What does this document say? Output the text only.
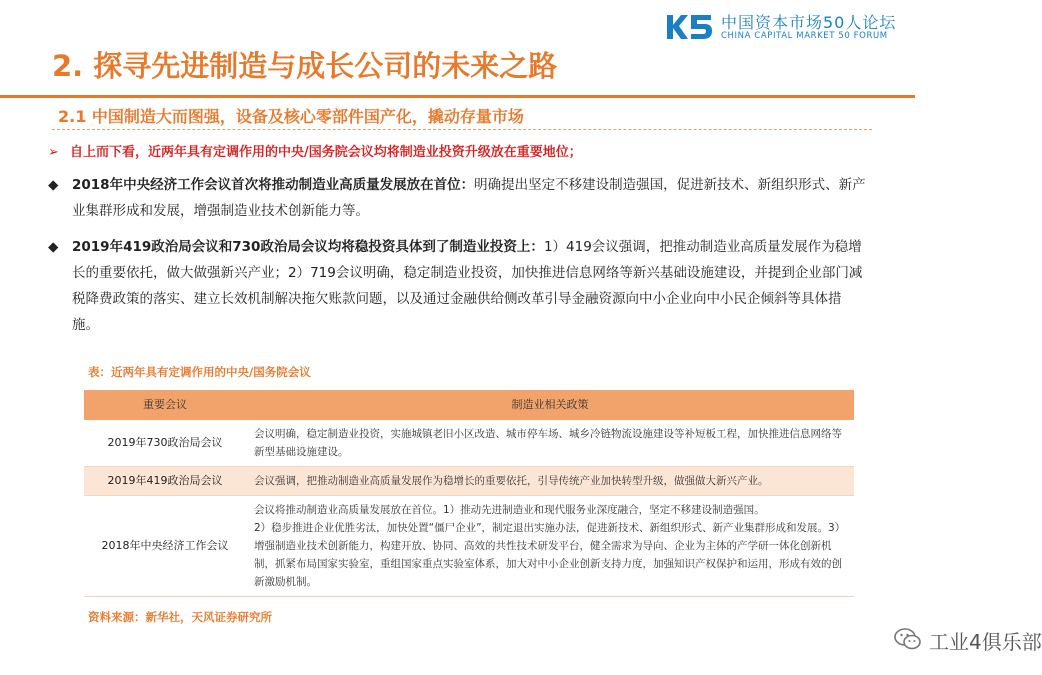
中国资本市场50人论坛
CHINA CAPITAL MARKET 50 FORUM
2. 探寻先进制造与成长公司的未来之路
2.1 中国制造大而图强，设备及核心零部件国产化，撬动存量市场
➢ 自上而下看，近两年具有定调作用的中央/国务院会议均将制造业投资升级放在重要地位；
◆	2018年中央经济工作会议首次将推动制造业高质量发展放在首位：明确提出坚定不移建设制造强国，促进新技术、新组织形式、新产业集群形成和发展，增强制造业技术创新能力等。
◆	2019年419政治局会议和730政治局会议均将稳投资具体到了制造业投资上：1）419会议强调，把推动制造业高质量发展作为稳增长的重要依托，做大做强新兴产业；2）719会议明确，稳定制造业投资，加快推进信息网络等新兴基础设施建设，并提到企业部门减税降费政策的落实、建立长效机制解决拖欠账款问题，以及通过金融供给侧改革引导金融资源向中小企业向中小民企倾斜等具体措施。
表：近两年具有定调作用的中央/国务院会议
重要会议	制造业相关政策
2019年730政治局会议	会议明确，稳定制造业投资，实施城镇老旧小区改造、城市停车场、城乡冷链物流设施建设等补短板工程，加快推进信息网络等新型基础设施建设。
2019年419政治局会议	会议强调，把推动制造业高质量发展作为稳增长的重要依托，引导传统产业加快转型升级，做强做大新兴产业。
2018年中央经济工作会议	会议将推动制造业高质量发展放在首位。1）推动先进制造业和现代服务业深度融合，坚定不移建设制造强国。
2）稳步推进企业优胜劣汰，加快处置“僵尸企业”，制定退出实施办法，促进新技术、新组织形式、新产业集群形成和发展。3）增强制造业技术创新能力，构建开放、协同、高效的共性技术研发平台，健全需求为导向、企业为主体的产学研一体化创新机制，抓紧布局国家实验室，重组国家重点实验室体系，加大对中小企业创新支持力度，加强知识产权保护和运用，形成有效的创新激励机制。
资料来源：新华社，天风证券研究所
工业4俱乐部
